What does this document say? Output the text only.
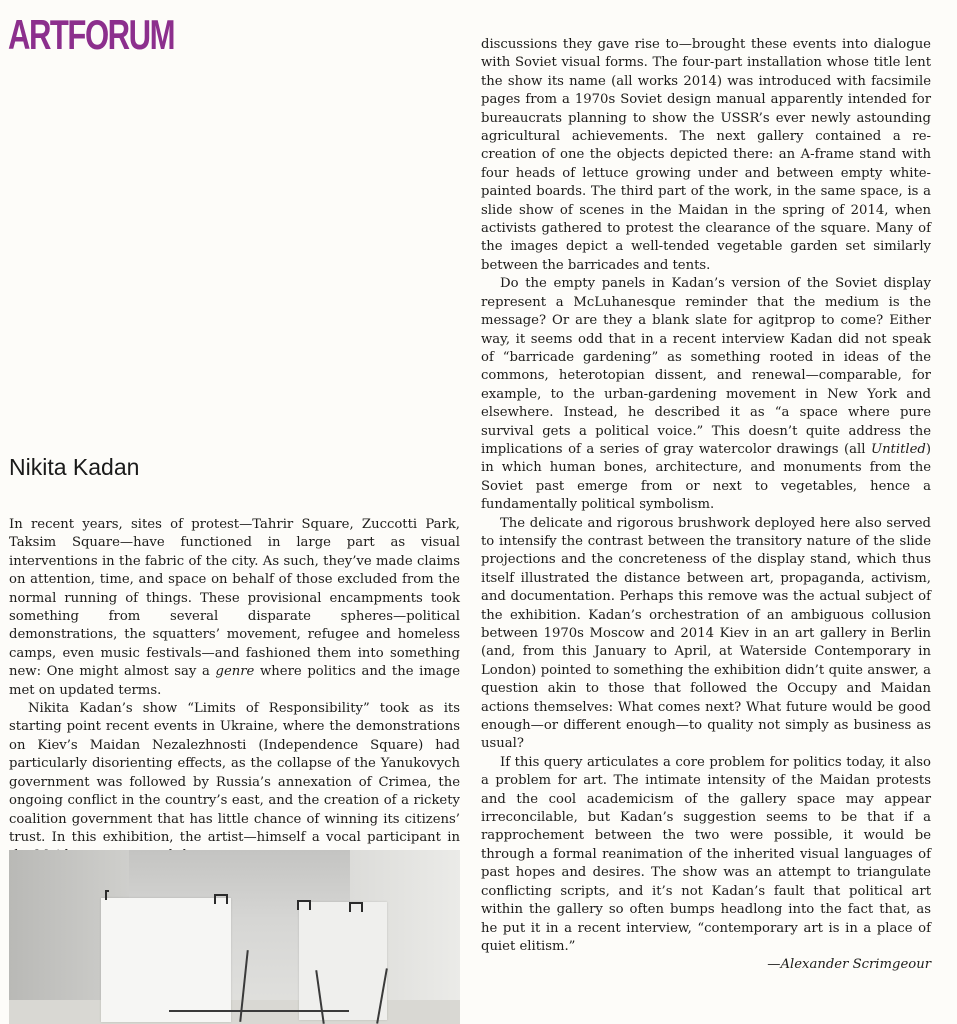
ARTFORUM
Nikita Kadan

In recent years, sites of protest—Tahrir Square, Zuccotti Park, Taksim Square—have functioned in large part as visual interventions in the fabric of the city. As such, they’ve made claims on attention, time, and space on behalf of those excluded from the normal running of things. These provisional encampments took something from several disparate spheres—political demonstrations, the squatters’ movement, refugee and homeless camps, even music festivals—and fashioned them into something new: One might almost say a genre where politics and the image met on updated terms.

Nikita Kadan’s show “Limits of Responsibility” took as its starting point recent events in Ukraine, where the demonstrations on Kiev’s Maidan Nezalezhnosti (Independence Square) had particularly disorienting effects, as the collapse of the Yanukovych government was followed by Russia’s annexation of Crimea, the ongoing conflict in the country’s east, and the creation of a rickety coalition government that has little chance of winning its citizens’ trust. In this exhibition, the artist—himself a vocal participant in

discussions they gave rise to—brought these events into dialogue with Soviet visual forms. The four-part installation whose title lent the show its name (all works 2014) was introduced with facsimile pages from a 1970s Soviet design manual apparently intended for bureaucrats planning to show the USSR’s ever newly astounding agricultural achievements. The next gallery contained a re-creation of one the objects depicted there: an A-frame stand with four heads of lettuce growing under and between empty white-painted boards. The third part of the work, in the same space, is a slide show of scenes in the Maidan in the spring of 2014, when activists gathered to protest the clearance of the square. Many of the images depict a well-tended vegetable garden set similarly between the barricades and tents.

Do the empty panels in Kadan’s version of the Soviet display represent a McLuhanesque reminder that the medium is the message? Or are they a blank slate for agitprop to come? Either way, it seems odd that in a recent interview Kadan did not speak of “barricade gardening” as something rooted in ideas of the commons, heterotopian dissent, and renewal—comparable, for example, to the urban-gardening movement in New York and elsewhere. Instead, he described it as “a space where pure survival gets a political voice.” This doesn’t quite address the implications of a series of gray watercolor drawings (all Untitled) in which human bones, architecture, and monuments from the Soviet past emerge from or next to vegetables, hence a fundamentally political symbolism.

The delicate and rigorous brushwork deployed here also served to intensify the contrast between the transitory nature of the slide projections and the concreteness of the display stand, which thus itself illustrated the distance between art, propaganda, activism, and documentation. Perhaps this remove was the actual subject of the exhibition. Kadan’s orchestration of an ambiguous collusion between 1970s Moscow and 2014 Kiev in an art gallery in Berlin (and, from this January to April, at Waterside Contemporary in London) pointed to something the exhibition didn’t quite answer, a question akin to those that followed the Occupy and Maidan actions themselves: What comes next? What future would be good enough—or different enough—to quality not simply as business as usual?

If this query articulates a core problem for politics today, it also a problem for art. The intimate intensity of the Maidan protests and the cool academicism of the gallery space may appear irreconcilable, but Kadan’s suggestion seems to be that if a rapprochement between the two were possible, it would be through a formal reanimation of the inherited visual languages of past hopes and desires. The show was an attempt to triangulate conflicting scripts, and it’s not Kadan’s fault that political art within the gallery so often bumps headlong into the fact that, as he put it in a recent interview, “contemporary art is in a place of quiet elitism.”

—Alexander Scrimgeour
